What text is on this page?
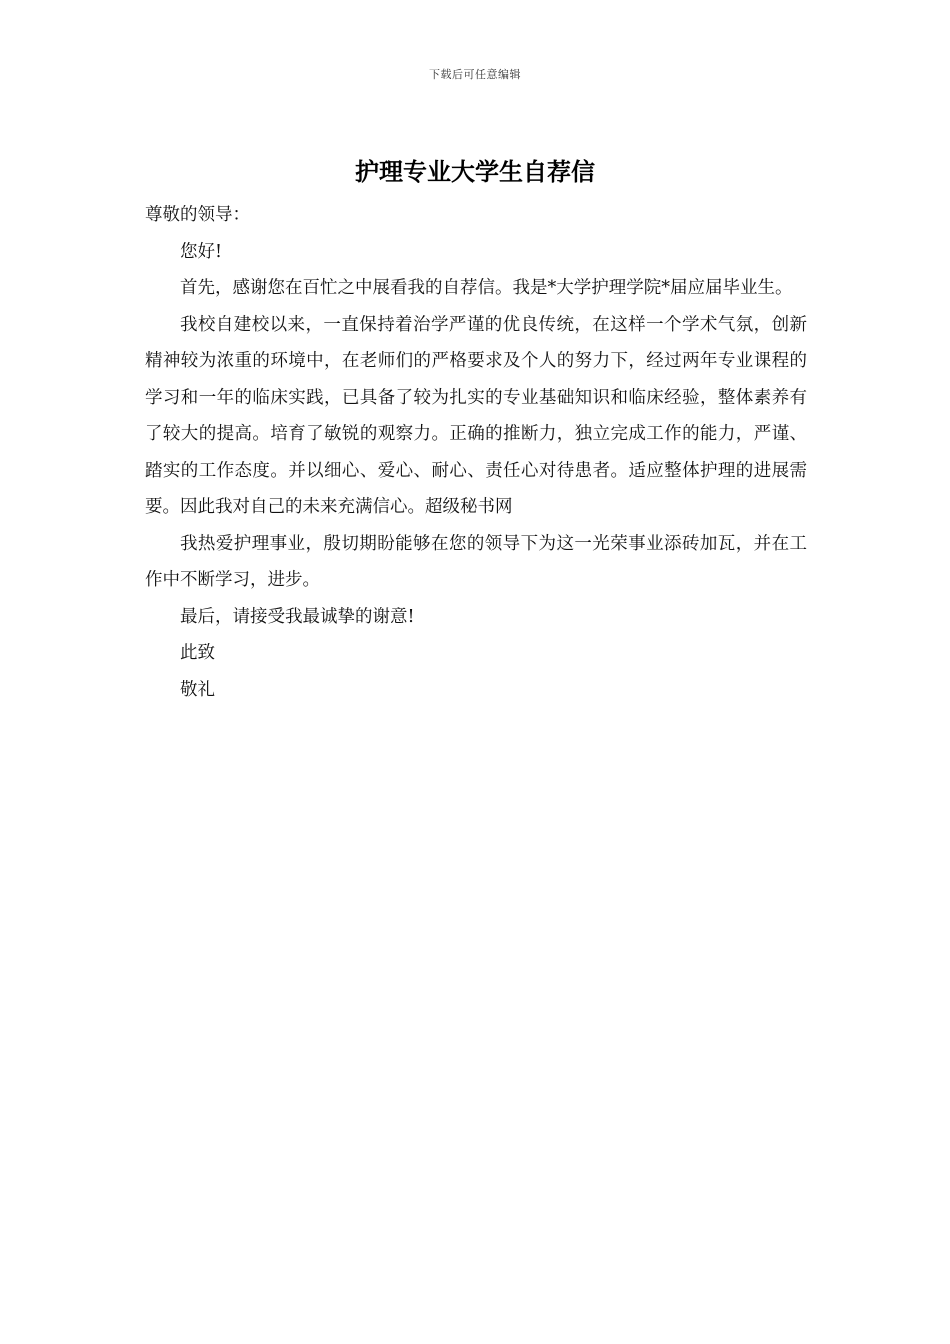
下载后可任意编辑
护理专业大学生自荐信

尊敬的领导：

您好!

首先，感谢您在百忙之中展看我的自荐信。我是*大学护理学院*届应届毕业生。

我校自建校以来，一直保持着治学严谨的优良传统，在这样一个学术气氛，创新精神较为浓重的环境中，在老师们的严格要求及个人的努力下，经过两年专业课程的学习和一年的临床实践，已具备了较为扎实的专业基础知识和临床经验，整体素养有了较大的提高。培育了敏锐的观察力。正确的推断力，独立完成工作的能力，严谨、踏实的工作态度。并以细心、爱心、耐心、责任心对待患者。适应整体护理的进展需要。因此我对自己的未来充满信心。超级秘书网

我热爱护理事业，殷切期盼能够在您的领导下为这一光荣事业添砖加瓦，并在工作中不断学习，进步。

最后，请接受我最诚挚的谢意!

此致

敬礼
